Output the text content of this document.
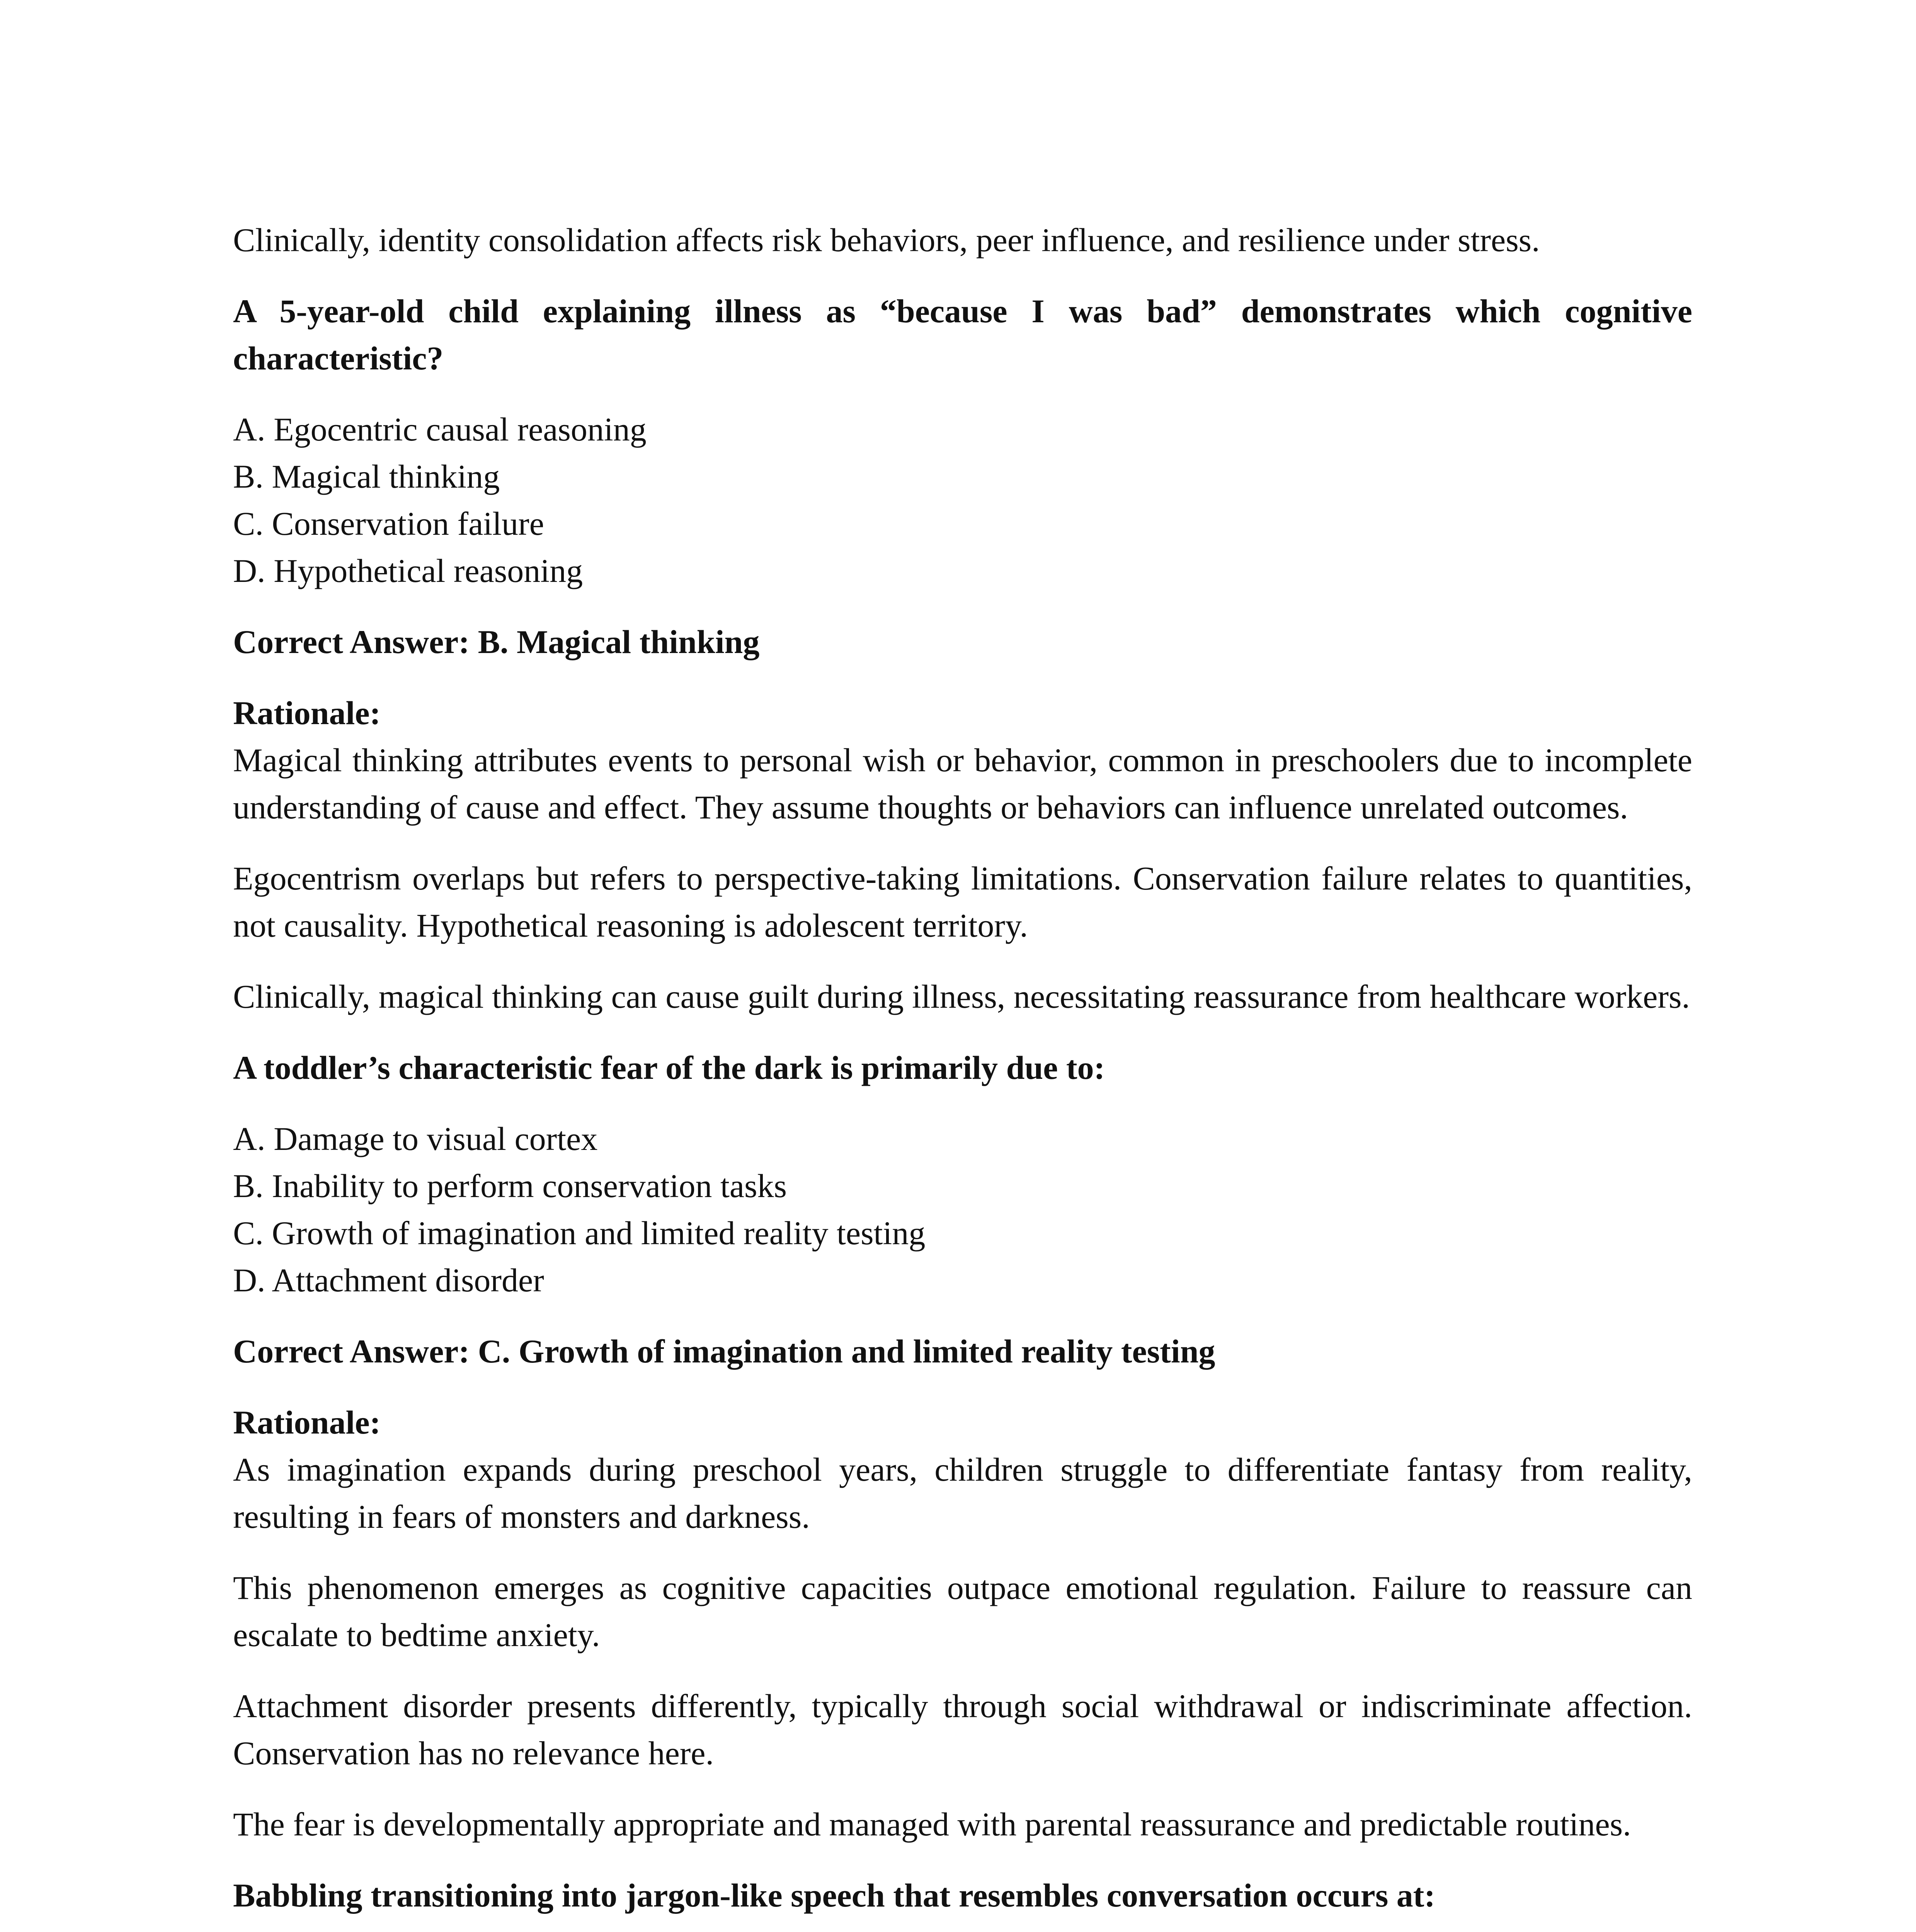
Clinically, identity consolidation affects risk behaviors, peer influence, and resilience under stress.

A 5-year-old child explaining illness as “because I was bad” demonstrates which cognitive characteristic?

A. Egocentric causal reasoning
B. Magical thinking
C. Conservation failure
D. Hypothetical reasoning

Correct Answer: B. Magical thinking

Rationale:

Magical thinking attributes events to personal wish or behavior, common in preschoolers due to incomplete understanding of cause and effect. They assume thoughts or behaviors can influence unrelated outcomes.

Egocentrism overlaps but refers to perspective-taking limitations. Conservation failure relates to quantities, not causality. Hypothetical reasoning is adolescent territory.

Clinically, magical thinking can cause guilt during illness, necessitating reassurance from healthcare workers.

A toddler’s characteristic fear of the dark is primarily due to:

A. Damage to visual cortex
B. Inability to perform conservation tasks
C. Growth of imagination and limited reality testing
D. Attachment disorder

Correct Answer: C. Growth of imagination and limited reality testing

Rationale:

As imagination expands during preschool years, children struggle to differentiate fantasy from reality, resulting in fears of monsters and darkness.

This phenomenon emerges as cognitive capacities outpace emotional regulation. Failure to reassure can escalate to bedtime anxiety.

Attachment disorder presents differently, typically through social withdrawal or indiscriminate affection. Conservation has no relevance here.

The fear is developmentally appropriate and managed with parental reassurance and predictable routines.

Babbling transitioning into jargon-like speech that resembles conversation occurs at:
